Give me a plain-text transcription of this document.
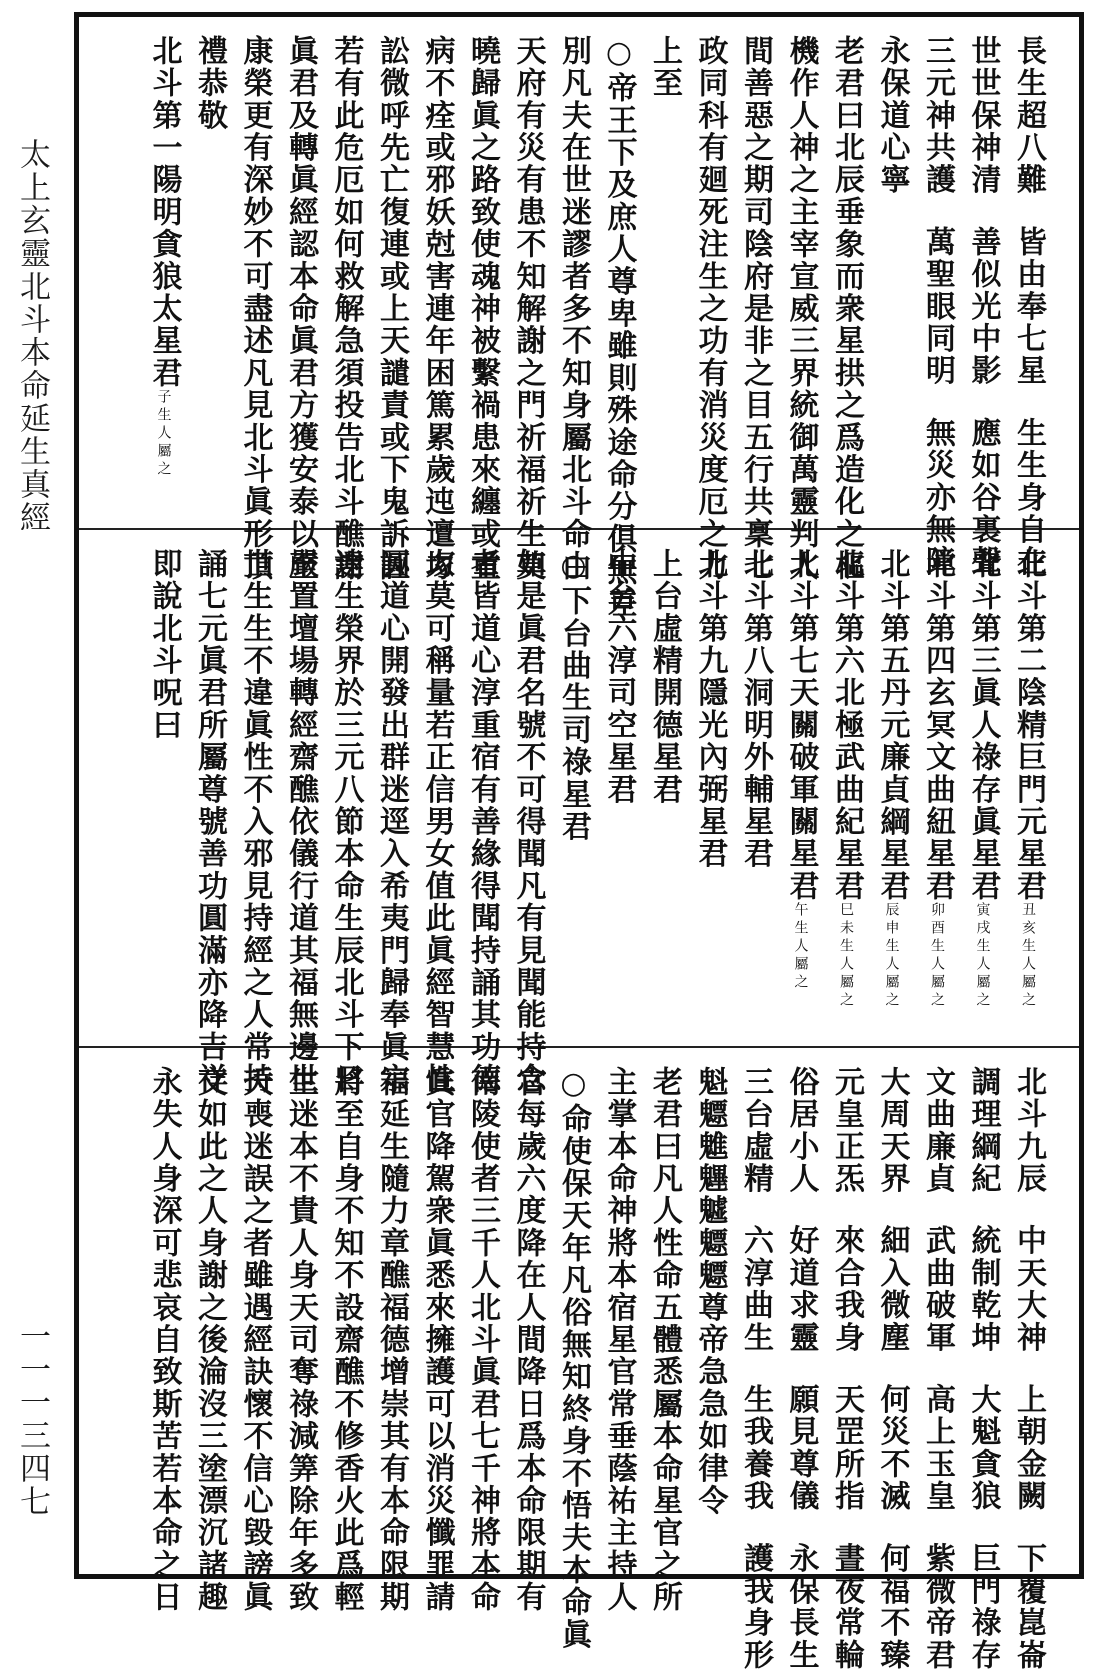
太上玄靈北斗本命延生真經
一一一三四七
長生超八難皆由奉七星生生身自在
世世保神清善似光中影應如谷裏聲
三元神共護萬聖眼同明無災亦無障
永保道心寧
老君曰北辰垂象而衆星拱之爲造化之樞
機作人神之主宰宣威三界統御萬靈判人
間善惡之期司陰府是非之目五行共稟七
政同科有廻死注生之功有消災度厄之力
上至
○帝王下及庶人尊卑雖則殊途命分俱無差
別凡夫在世迷謬者多不知身屬北斗命由
天府有災有患不知解謝之門祈福祈生莫
曉歸眞之路致使魂神被繫禍患來纏或重
病不痊或邪妖尅害連年困篤累歲迍邅塚
訟微呼先亡復連或上天譴責或下鬼訴誣
若有此危厄如何救解急須投告北斗醮謝
眞君及轉眞經認本命眞君方獲安泰以至
康榮更有深妙不可盡述凡見北斗眞形頂
禮恭敬
北斗第一陽明貪狼太星君子生人屬之
北斗第二陰精巨門元星君丑亥生人屬之
北斗第三眞人祿存眞星君寅戌生人屬之
北斗第四玄冥文曲紐星君卯酉生人屬之
北斗第五丹元廉貞綱星君辰申生人屬之
北斗第六北極武曲紀星君巳未生人屬之
北斗第七天關破軍關星君午生人屬之
北斗第八洞明外輔星君
北斗第九隱光內弼星君
上台虛精開德星君
中台六淳司空星君
○下台曲生司祿星君
如是眞君名號不可得聞凡有見聞能持念
者皆道心淳重宿有善緣得聞持誦其功德
力莫可稱量若正信男女值此眞經智慧性
圓道心開發出群迷逕入希夷門歸奉眞宗
達生榮界於三元八節本命生辰北斗下日
嚴置壇場轉經齋醮依儀行道其福無邊世
世生生不違眞性不入邪見持經之人常持
誦七元眞君所屬尊號善功圓滿亦降吉祥
即說北斗呪曰
北斗九辰中天大神上朝金闕下覆崑崙
調理綱紀統制乾坤大魁貪狼巨門祿存
文曲廉貞武曲破軍高上玉皇紫微帝君
大周天界細入微塵何災不滅何福不臻
元皇正炁來合我身天罡所指晝夜常輪
俗居小人好道求靈願見尊儀永保長生
三台虛精六淳曲生生我養我護我身形
魁魒魋魓魖魒魒尊帝急急如律令
老君曰凡人性命五體悉屬本命星官之所
主掌本命神將本宿星官常垂蔭祐主持人
○命使保天年凡俗無知終身不悟夫本命眞
官每歲六度降在人間降日爲本命限期有
南陵使者三千人北斗眞君七千神將本命
眞官降駕衆眞悉來擁護可以消災懺罪請
福延生隨力章醮福德增崇其有本命限期
將至自身不知不設齋醮不修香火此爲輕
生迷本不貴人身天司奪祿減筭除年多致
夭喪迷誤之者雖遇經訣懷不信心毀謗眞
文如此之人身謝之後淪沒三塗漂沉諸趣
永失人身深可悲哀自致斯苦若本命之日
